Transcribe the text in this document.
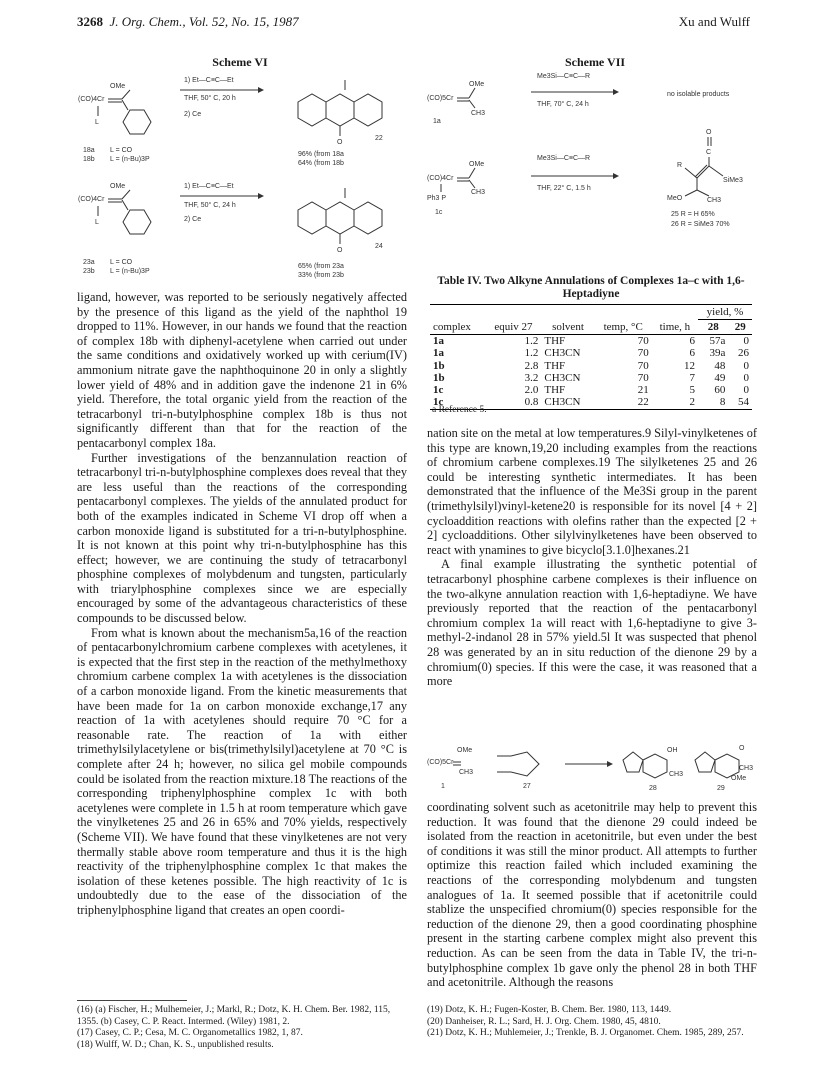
3268 J. Org. Chem., Vol. 52, No. 15, 1987	Xu and Wulff
Scheme VI
OMe
(CO)4Cr
L
18a L = CO
18b L = (n-Bu)3P
1) Et—C≡C—Et
THF, 50° C, 20 h
2) Ce
O
22
96% (from 18a
64% (from 18b
OMe
(CO)4Cr
L
23a L = CO
23b L = (n-Bu)3P
1) Et—C≡C—Et
THF, 50° C, 24 h
2) Ce
O
24
65% (from 23a
33% (from 23b
Scheme VII
OMe
(CO)5Cr
CH3
1a
Me3Si—C≡C—R
THF, 70° C, 24 h
no isolable products
OMe
(CO)4Cr
Ph3 P
CH3
1c
Me3Si—C≡C—R
THF, 22° C, 1.5 h
O
C
SiMe3
R
MeO	CH3
25 R = H 65%
26 R = SiMe3 70%
Table IV. Two Alkyne Annulations of Complexes 1a–c with 1,6-Heptadiyne
					yield, %	
complex	equiv 27	solvent	temp, °C	time, h	28	29
1a	1.2	THF	70	6	57a	0
1a	1.2	CH3CN	70	6	39a	26
1b	2.8	THF	70	12	48	0
1b	3.2	CH3CN	70	7	49	0
1c	2.0	THF	21	5	60	0
1c	0.8	CH3CN	22	2	8	54
a Reference 5.

ligand, however, was reported to be seriously negatively affected by the presence of this ligand as the yield of the naphthol 19 dropped to 11%. However, in our hands we found that the reaction of complex 18b with diphenyl-acetylene when carried out under the same conditions and oxidatively worked up with cerium(IV) ammonium nitrate gave the naphthoquinone 20 in only a slightly lower yield of 48% and in addition gave the indenone 21 in 6% yield. Therefore, the total organic yield from the reaction of the tetracarbonyl tri-n-butylphosphine complex 18b is thus not significantly different than that for the reaction of the pentacarbonyl complex 18a.

Further investigations of the benzannulation reaction of tetracarbonyl tri-n-butylphosphine complexes does reveal that they are less useful than the reactions of the corresponding pentacarbonyl complexes. The yields of the annulated product for both of the examples indicated in Scheme VI drop off when a carbon monoxide ligand is substituted for a tri-n-butylphosphine. It is not known at this point why tri-n-butylphosphine has this effect; however, we are continuing the study of tetracarbonyl phosphine complexes of molybdenum and tungsten, particularly with triarylphosphine complexes since we are especially encouraged by some of the advantageous characteristics of these compounds to be discussed below.

From what is known about the mechanism5a,16 of the reaction of pentacarbonylchromium carbene complexes with acetylenes, it is expected that the first step in the reaction of the methylmethoxy chromium carbene complex 1a with acetylenes is the dissociation of a carbon monoxide ligand. From the kinetic measurements that have been made for 1a on carbon monoxide exchange,17 any reaction of 1a with acetylenes should require 70 °C for a reasonable rate. The reaction of 1a with either trimethylsilylacetylene or bis(trimethylsilyl)acetylene at 70 °C is complete after 24 h; however, no silica gel mobile compounds could be isolated from the reaction mixture.18 The reactions of the corresponding triphenylphosphine complex 1c with both acetylenes were complete in 1.5 h at room temperature which gave the vinylketenes 25 and 26 in 65% and 70% yields, respectively (Scheme VII). We have found that these vinylketenes are not very thermally stable above room temperature and thus it is the high reactivity of the triphenylphosphine complex 1c that makes the isolation of these ketenes possible. The high reactivity of 1c is undoubtedly due to the ease of the dissociation of the triphenylphosphine ligand that creates an open coordi-

nation site on the metal at low temperatures.9 Silyl-vinylketenes of this type are known,19,20 including examples from the reactions of chromium carbene complexes.19 The silylketenes 25 and 26 could be interesting synthetic intermediates. It has been demonstrated that the influence of the Me3Si group in the parent (trimethylsilyl)vinyl-ketene20 is responsible for its novel [4 + 2] cycloaddition reactions with olefins rather than the expected [2 + 2] cycloadditions. Other silylvinylketenes have been observed to react with ynamines to give bicyclo[3.1.0]hexanes.21

A final example illustrating the synthetic potential of tetracarbonyl phosphine carbene complexes is their influence on the two-alkyne annulation reaction with 1,6-heptadiyne. We have previously reported that the reaction of the pentacarbonyl chromium complex 1a will react with 1,6-heptadiyne to give 3-methyl-2-indanol 28 in 57% yield.5l It was suspected that phenol 28 was generated by an in situ reduction of the dienone 29 by a chromium(0) species. If this were the case, it was reasoned that a more

OMe
(CO)5Cr
CH3
1	27
OH
CH3
28
O
CH3
OMe
29

coordinating solvent such as acetonitrile may help to prevent this reduction. It was found that the dienone 29 could indeed be isolated from the reaction in acetonitrile, but even under the best of conditions it was still the minor product. All attempts to further optimize this reaction failed which included examining the reactions of the corresponding molybdenum and tungsten analogues of 1a. It seemed possible that if acetonitrile could stablize the unspecified chromium(0) species responsible for the reduction of the dienone 29, then a good coordinating phosphine present in the starting carbene complex might also prevent this reduction. As can be seen from the data in Table IV, the tri-n-butylphosphine complex 1b gave only the phenol 28 in both THF and acetonitrile. Although the reasons

(16) (a) Fischer, H.; Mulhemeier, J.; Markl, R.; Dotz, K. H. Chem. Ber. 1982, 115, 1355. (b) Casey, C. P. React. Intermed. (Wiley) 1981, 2.
(17) Casey, C. P.; Cesa, M. C. Organometallics 1982, 1, 87.
(18) Wulff, W. D.; Chan, K. S., unpublished results.
(19) Dotz, K. H.; Fugen-Koster, B. Chem. Ber. 1980, 113, 1449.
(20) Danheiser, R. L.; Sard, H. J. Org. Chem. 1980, 45, 4810.
(21) Dotz, K. H.; Muhlemeier, J.; Trenkle, B. J. Organomet. Chem. 1985, 289, 257.
